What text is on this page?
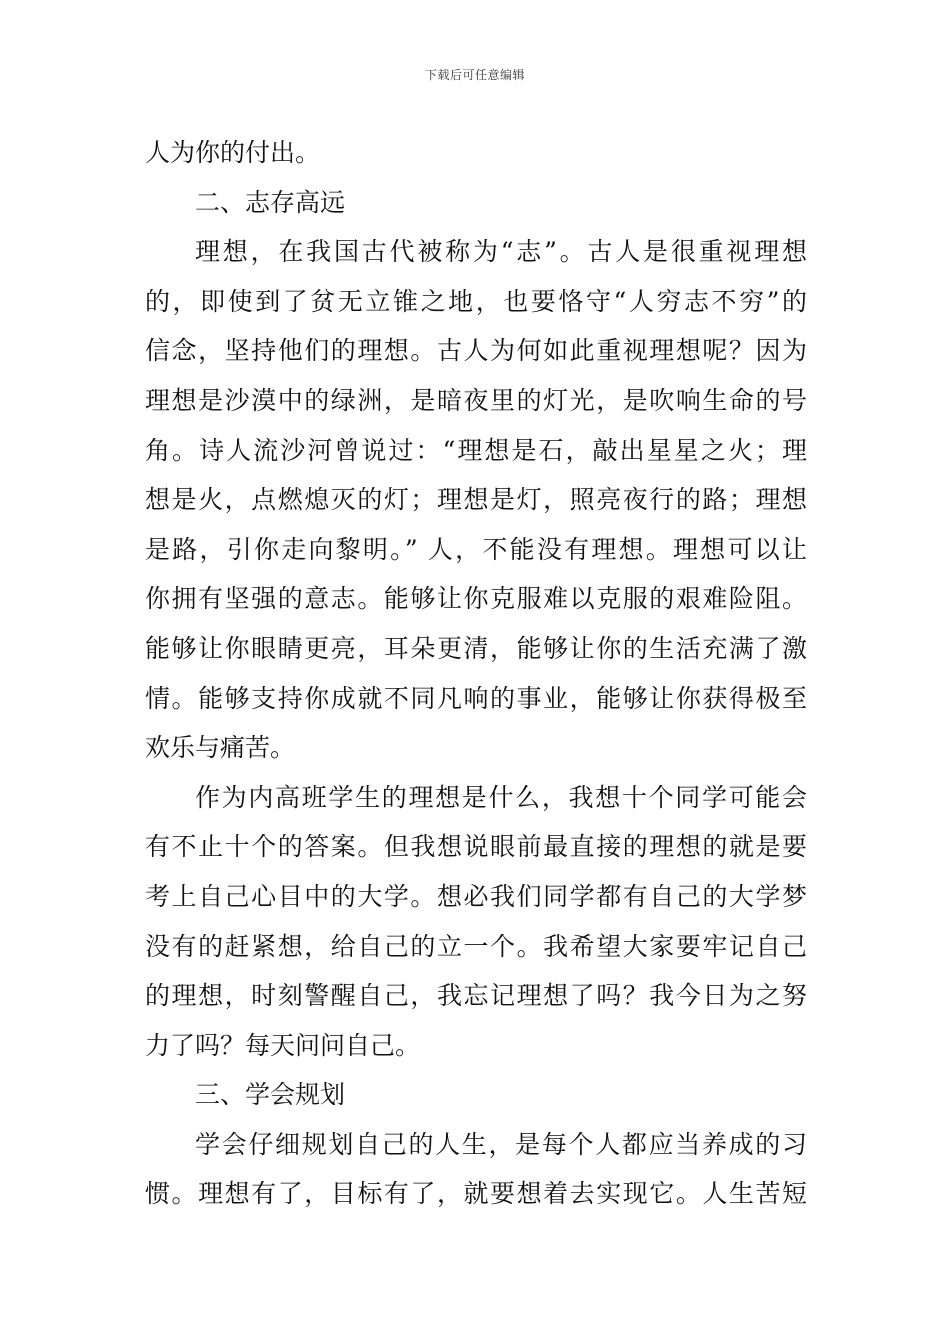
下载后可任意编辑
人为你的付出。
二、志存高远
理想，在我国古代被称为“志”。古人是很重视理想
的，即使到了贫无立锥之地，也要恪守“人穷志不穷”的
信念，坚持他们的理想。古人为何如此重视理想呢？因为
理想是沙漠中的绿洲，是暗夜里的灯光，是吹响生命的号
角。诗人流沙河曾说过：“理想是石，敲出星星之火；理
想是火，点燃熄灭的灯；理想是灯，照亮夜行的路；理想
是路，引你走向黎明。” 人，不能没有理想。理想可以让
你拥有坚强的意志。能够让你克服难以克服的艰难险阻。
能够让你眼睛更亮，耳朵更清，能够让你的生活充满了激
情。能够支持你成就不同凡响的事业，能够让你获得极至
欢乐与痛苦。
作为内高班学生的理想是什么，我想十个同学可能会
有不止十个的答案。但我想说眼前最直接的理想的就是要
考上自己心目中的大学。想必我们同学都有自己的大学梦
没有的赶紧想，给自己的立一个。我希望大家要牢记自己
的理想，时刻警醒自己，我忘记理想了吗？我今日为之努
力了吗？每天问问自己。
三、学会规划
学会仔细规划自己的人生，是每个人都应当养成的习
惯。理想有了，目标有了，就要想着去实现它。人生苦短
